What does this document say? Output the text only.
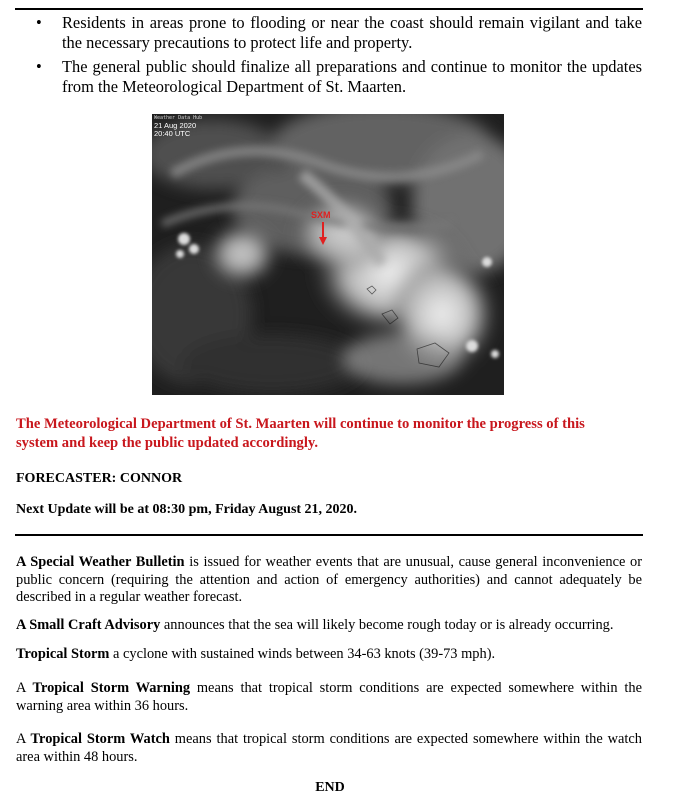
• Residents in areas prone to flooding or near the coast should remain vigilant and take the necessary precautions to protect life and property.
• The general public should finalize all preparations and continue to monitor the updates from the Meteorological Department of St. Maarten.
Weather Data Hub
21 Aug 2020
20:40 UTC
SXM

The Meteorological Department of St. Maarten will continue to monitor the progress of this system and keep the public updated accordingly.

FORECASTER: CONNOR

Next Update will be at 08:30 pm, Friday August 21, 2020.

A Special Weather Bulletin is issued for weather events that are unusual, cause general inconvenience or public concern (requiring the attention and action of emergency authorities) and cannot adequately be described in a regular weather forecast.

A Small Craft Advisory announces that the sea will likely become rough today or is already occurring.

Tropical Storm a cyclone with sustained winds between 34-63 knots (39-73 mph).

A Tropical Storm Warning means that tropical storm conditions are expected somewhere within the warning area within 36 hours.

A Tropical Storm Watch means that tropical storm conditions are expected somewhere within the watch area within 48 hours.

END
